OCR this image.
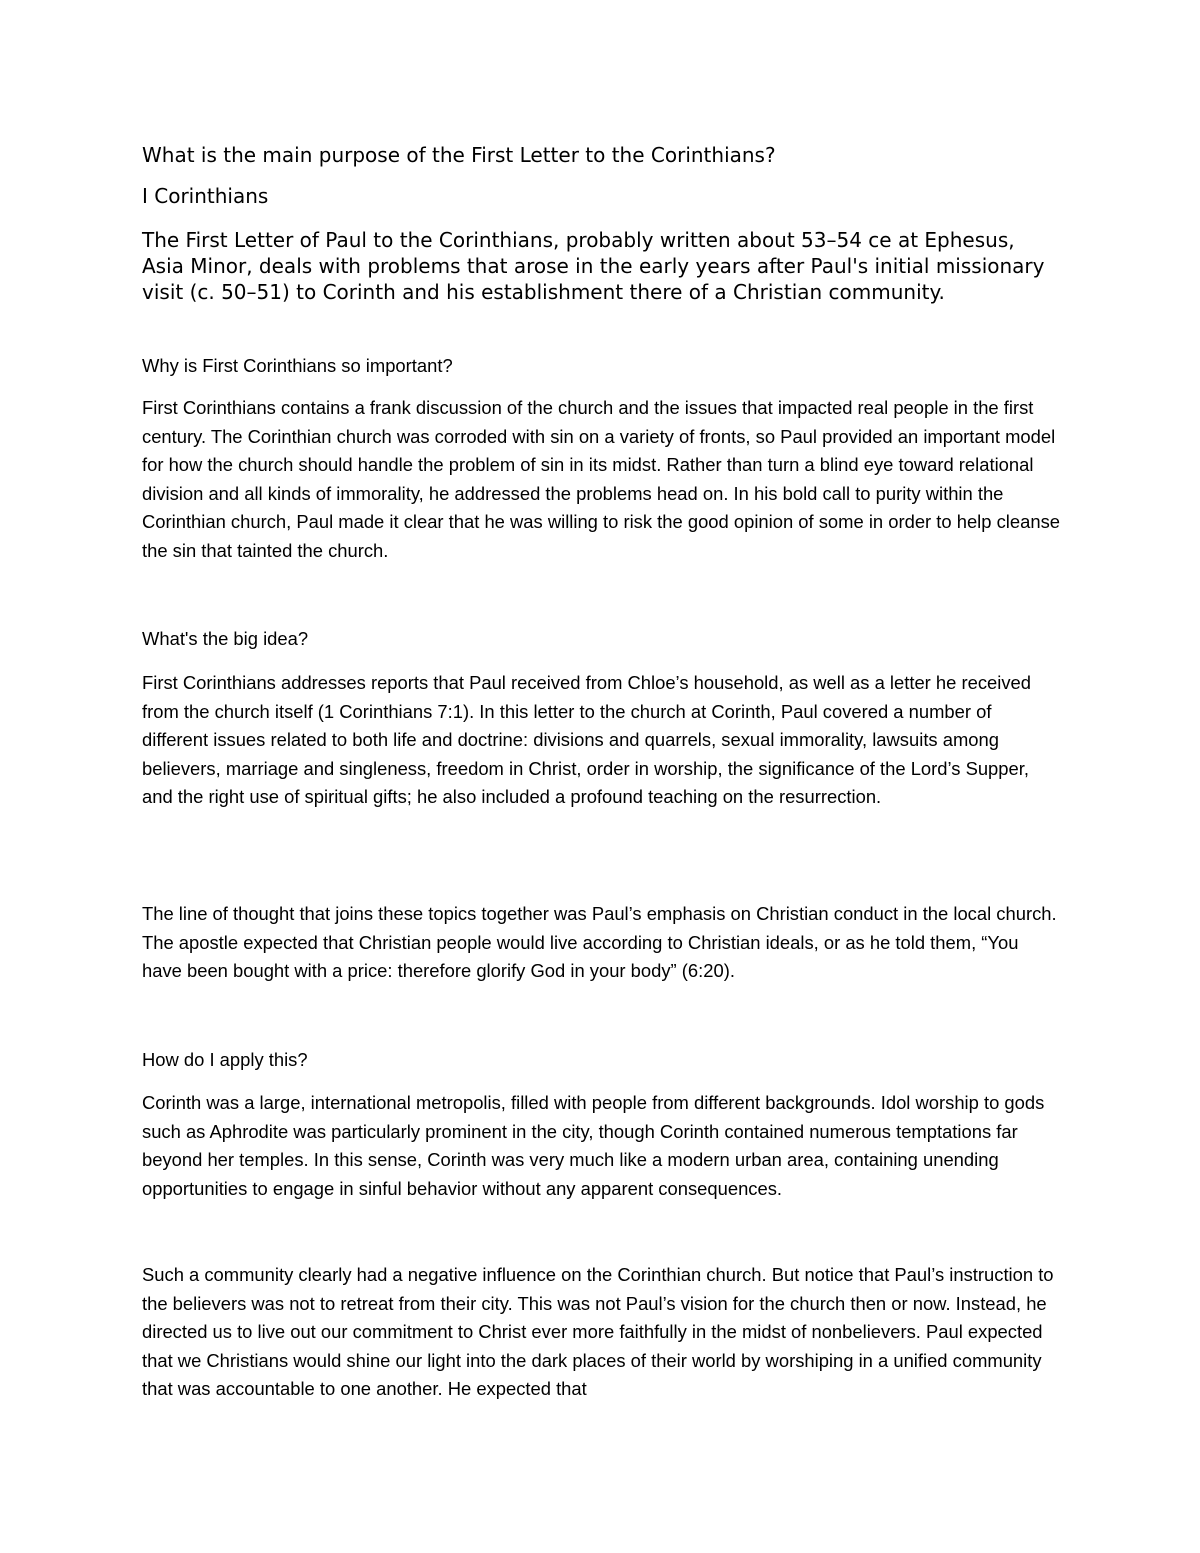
What is the main purpose of the First Letter to the Corinthians?

I Corinthians

The First Letter of Paul to the Corinthians, probably written about 53–54 ce at Ephesus, Asia Minor, deals with problems that arose in the early years after Paul's initial missionary visit (c. 50–51) to Corinth and his establishment there of a Christian community.

Why is First Corinthians so important?

First Corinthians contains a frank discussion of the church and the issues that impacted real people in the first century. The Corinthian church was corroded with sin on a variety of fronts, so Paul provided an important model for how the church should handle the problem of sin in its midst. Rather than turn a blind eye toward relational division and all kinds of immorality, he addressed the problems head on. In his bold call to purity within the Corinthian church, Paul made it clear that he was willing to risk the good opinion of some in order to help cleanse the sin that tainted the church.

What's the big idea?

First Corinthians addresses reports that Paul received from Chloe’s household, as well as a letter he received from the church itself (1 Corinthians 7:1). In this letter to the church at Corinth, Paul covered a number of different issues related to both life and doctrine: divisions and quarrels, sexual immorality, lawsuits among believers, marriage and singleness, freedom in Christ, order in worship, the significance of the Lord’s Supper, and the right use of spiritual gifts; he also included a profound teaching on the resurrection.

The line of thought that joins these topics together was Paul’s emphasis on Christian conduct in the local church. The apostle expected that Christian people would live according to Christian ideals, or as he told them, “You have been bought with a price: therefore glorify God in your body” (6:20).

How do I apply this?

Corinth was a large, international metropolis, filled with people from different backgrounds. Idol worship to gods such as Aphrodite was particularly prominent in the city, though Corinth contained numerous temptations far beyond her temples. In this sense, Corinth was very much like a modern urban area, containing unending opportunities to engage in sinful behavior without any apparent consequences.

Such a community clearly had a negative influence on the Corinthian church. But notice that Paul’s instruction to the believers was not to retreat from their city. This was not Paul’s vision for the church then or now. Instead, he directed us to live out our commitment to Christ ever more faithfully in the midst of nonbelievers. Paul expected that we Christians would shine our light into the dark places of their world by worshiping in a unified community that was accountable to one another. He expected that
